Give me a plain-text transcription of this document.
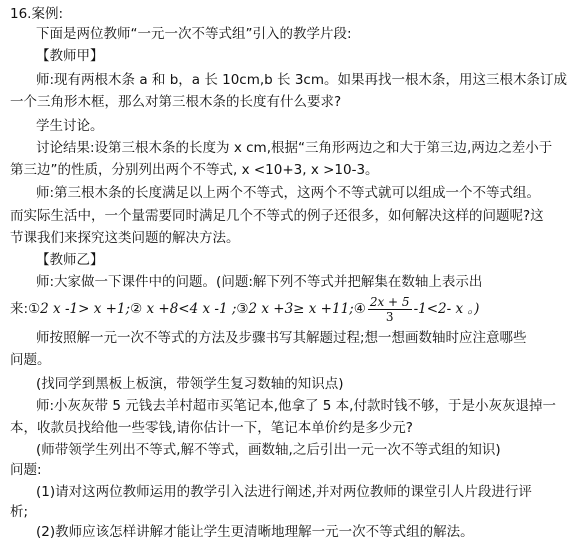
16.案例:
下面是两位教师“一元一次不等式组”引入的教学片段:
【教师甲】
师:现有两根木条 a 和 b，a 长 10cm,b 长 3cm。如果再找一根木条，用这三根木条订成
一个三角形木框，那么对第三根木条的长度有什么要求?
学生讨论。
讨论结果:设第三根木条的长度为 x cm,根据“三角形两边之和大于第三边,两边之差小于
第三边”的性质，分别列出两个不等式, x <10+3, x >10-3。
师:第三根木条的长度满足以上两个不等式，这两个不等式就可以组成一个不等式组。
而实际生活中，一个量需要同时满足几个不等式的例子还很多，如何解决这样的问题呢?这
节课我们来探究这类问题的解决方法。
【教师乙】
师:大家做一下课件中的问题。(问题:解下列不等式并把解集在数轴上表示出
来:①2 x -1> x +1;② x +8<4 x -1 ;③2 x +3≥ x +11;④ $\frac{2x + 5}{3} -1<2-$ x 。)
师按照解一元一次不等式的方法及步骤书写其解题过程;想一想画数轴时应注意哪些
问题。
(找同学到黑板上板演，带领学生复习数轴的知识点)
师:小灰灰带 5 元钱去羊村超市买笔记本,他拿了 5 本,付款时钱不够，于是小灰灰退掉一
本，收款员找给他一些零钱,请你估计一下，笔记本单价约是多少元?
(师带领学生列出不等式,解不等式，画数轴,之后引出一元一次不等式组的知识)
问题:
(1)请对这两位教师运用的教学引入法进行阐述,并对两位教师的课堂引人片段进行评
析;
(2)教师应该怎样讲解才能让学生更清晰地理解一元一次不等式组的解法。
